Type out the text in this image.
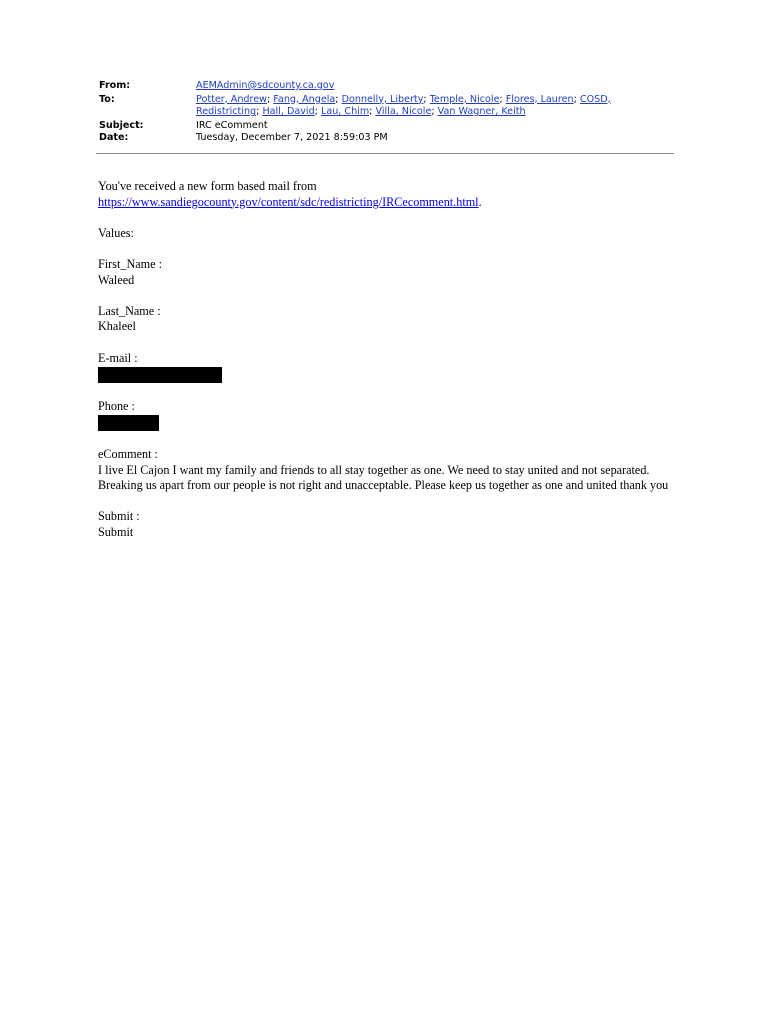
From:	AEMAdmin@sdcounty.ca.gov
To:	Potter, Andrew; Fang, Angela; Donnelly, Liberty; Temple, Nicole; Flores, Lauren; COSD, Redistricting; Hall, David; Lau, Chim; Villa, Nicole; Van Wagner, Keith
Subject:	IRC eComment
Date:	Tuesday, December 7, 2021 8:59:03 PM

You've received a new form based mail from

https://www.sandiegocounty.gov/content/sdc/redistricting/IRCecomment.html.

Values:

First_Name :

Waleed

Last_Name :

Khaleel

E-mail :

Phone :

eComment :

I live El Cajon I want my family and friends to all stay together as one. We need to stay united and not separated. Breaking us apart from our people is not right and unacceptable. Please keep us together as one and united thank you

Submit :

Submit
